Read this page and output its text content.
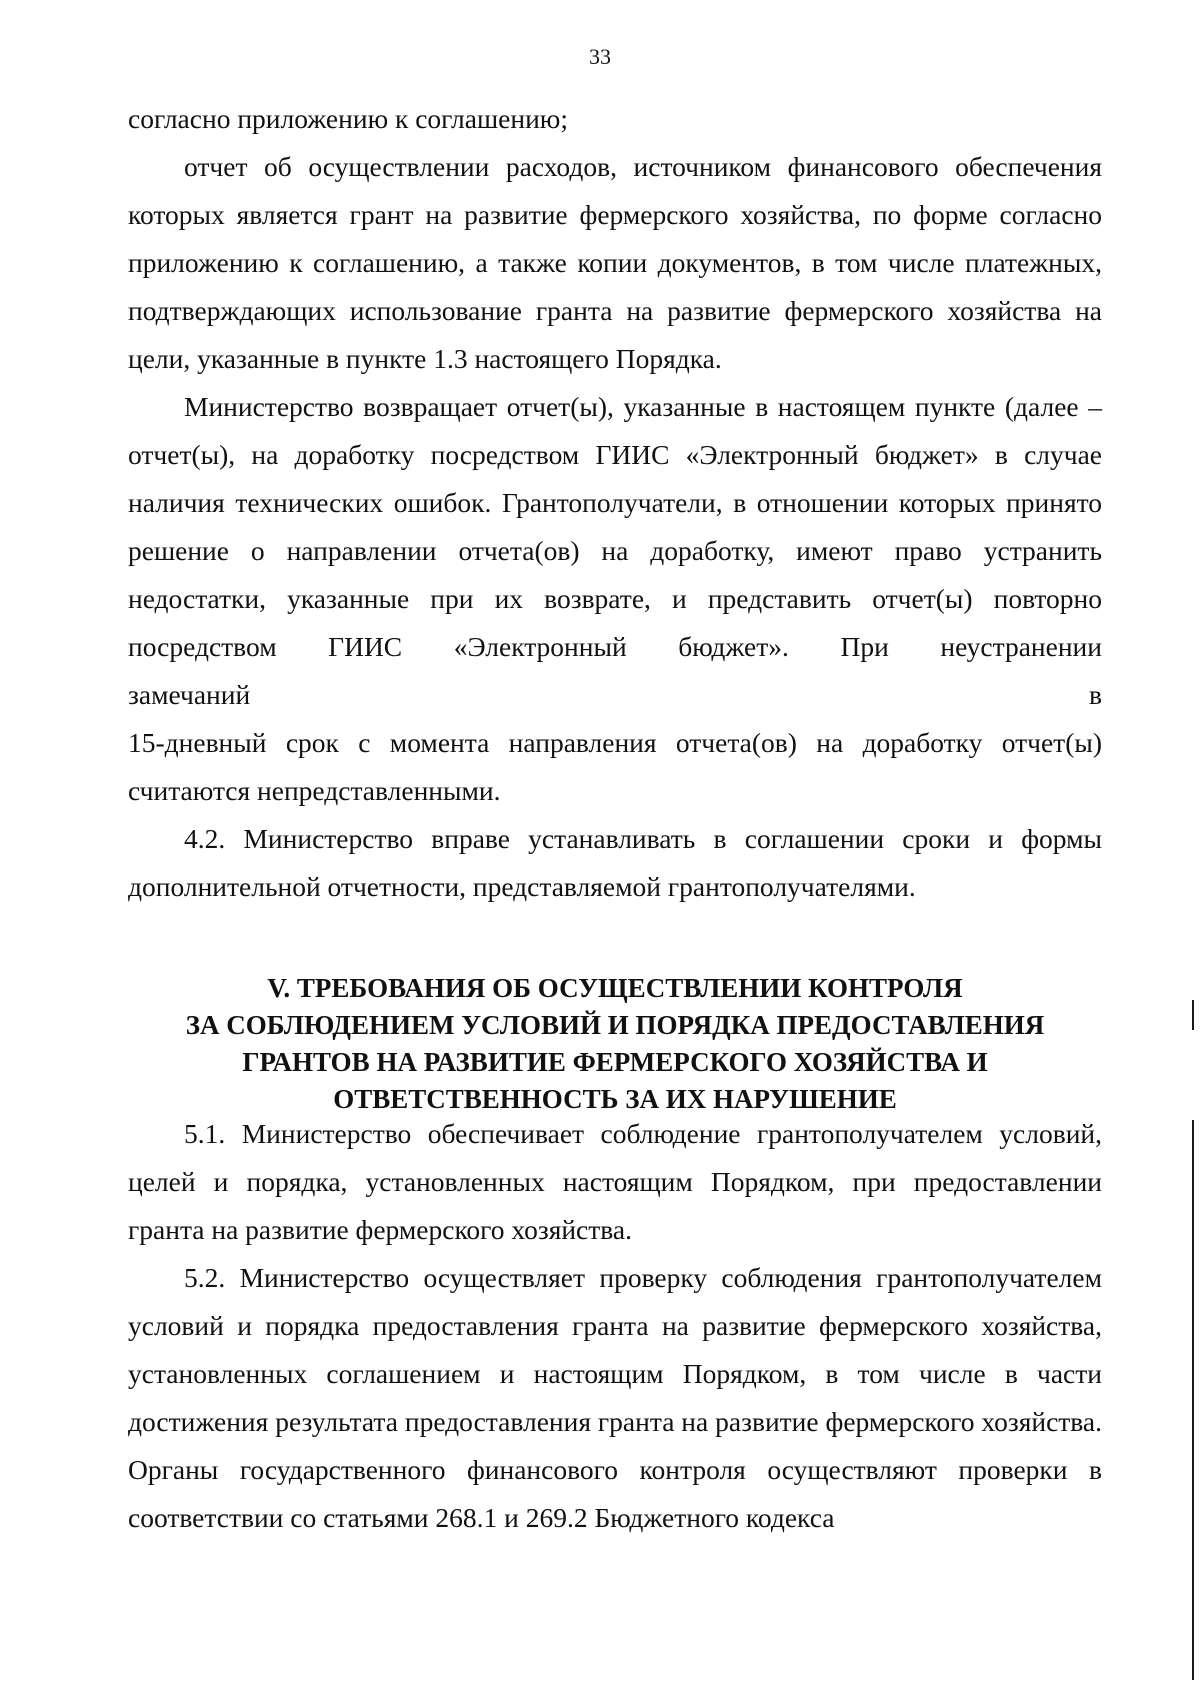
33

согласно приложению к соглашению;

отчет об осуществлении расходов, источником финансового обеспечения которых является грант на развитие фермерского хозяйства, по форме согласно приложению к соглашению, а также копии документов, в том числе платежных, подтверждающих использование гранта на развитие фермерского хозяйства на цели, указанные в пункте 1.3 настоящего Порядка.

Министерство возвращает отчет(ы), указанные в настоящем пункте (далее – отчет(ы), на доработку посредством ГИИС «Электронный бюджет» в случае наличия технических ошибок. Грантополучатели, в отношении которых принято решение о направлении отчета(ов) на доработку, имеют право устранить недостатки, указанные при их возврате, и представить отчет(ы) повторно посредством ГИИС «Электронный бюджет». При неустранении

замечаний в

15-дневный срок с момента направления отчета(ов) на доработку отчет(ы) считаются непредставленными.

4.2. Министерство вправе устанавливать в соглашении сроки и формы дополнительной отчетности, представляемой грантополучателями.

V. ТРЕБОВАНИЯ ОБ ОСУЩЕСТВЛЕНИИ КОНТРОЛЯ
ЗА СОБЛЮДЕНИЕМ УСЛОВИЙ И ПОРЯДКА ПРЕДОСТАВЛЕНИЯ
ГРАНТОВ НА РАЗВИТИЕ ФЕРМЕРСКОГО ХОЗЯЙСТВА И
ОТВЕТСТВЕННОСТЬ ЗА ИХ НАРУШЕНИЕ

5.1. Министерство обеспечивает соблюдение грантополучателем условий, целей и порядка, установленных настоящим Порядком, при предоставлении гранта на развитие фермерского хозяйства.

5.2. Министерство осуществляет проверку соблюдения грантополучателем условий и порядка предоставления гранта на развитие фермерского хозяйства, установленных соглашением и настоящим Порядком, в том числе в части достижения результата предоставления гранта на развитие фермерского хозяйства. Органы государственного финансового контроля осуществляют проверки в соответствии со статьями 268.1 и 269.2 Бюджетного кодекса
